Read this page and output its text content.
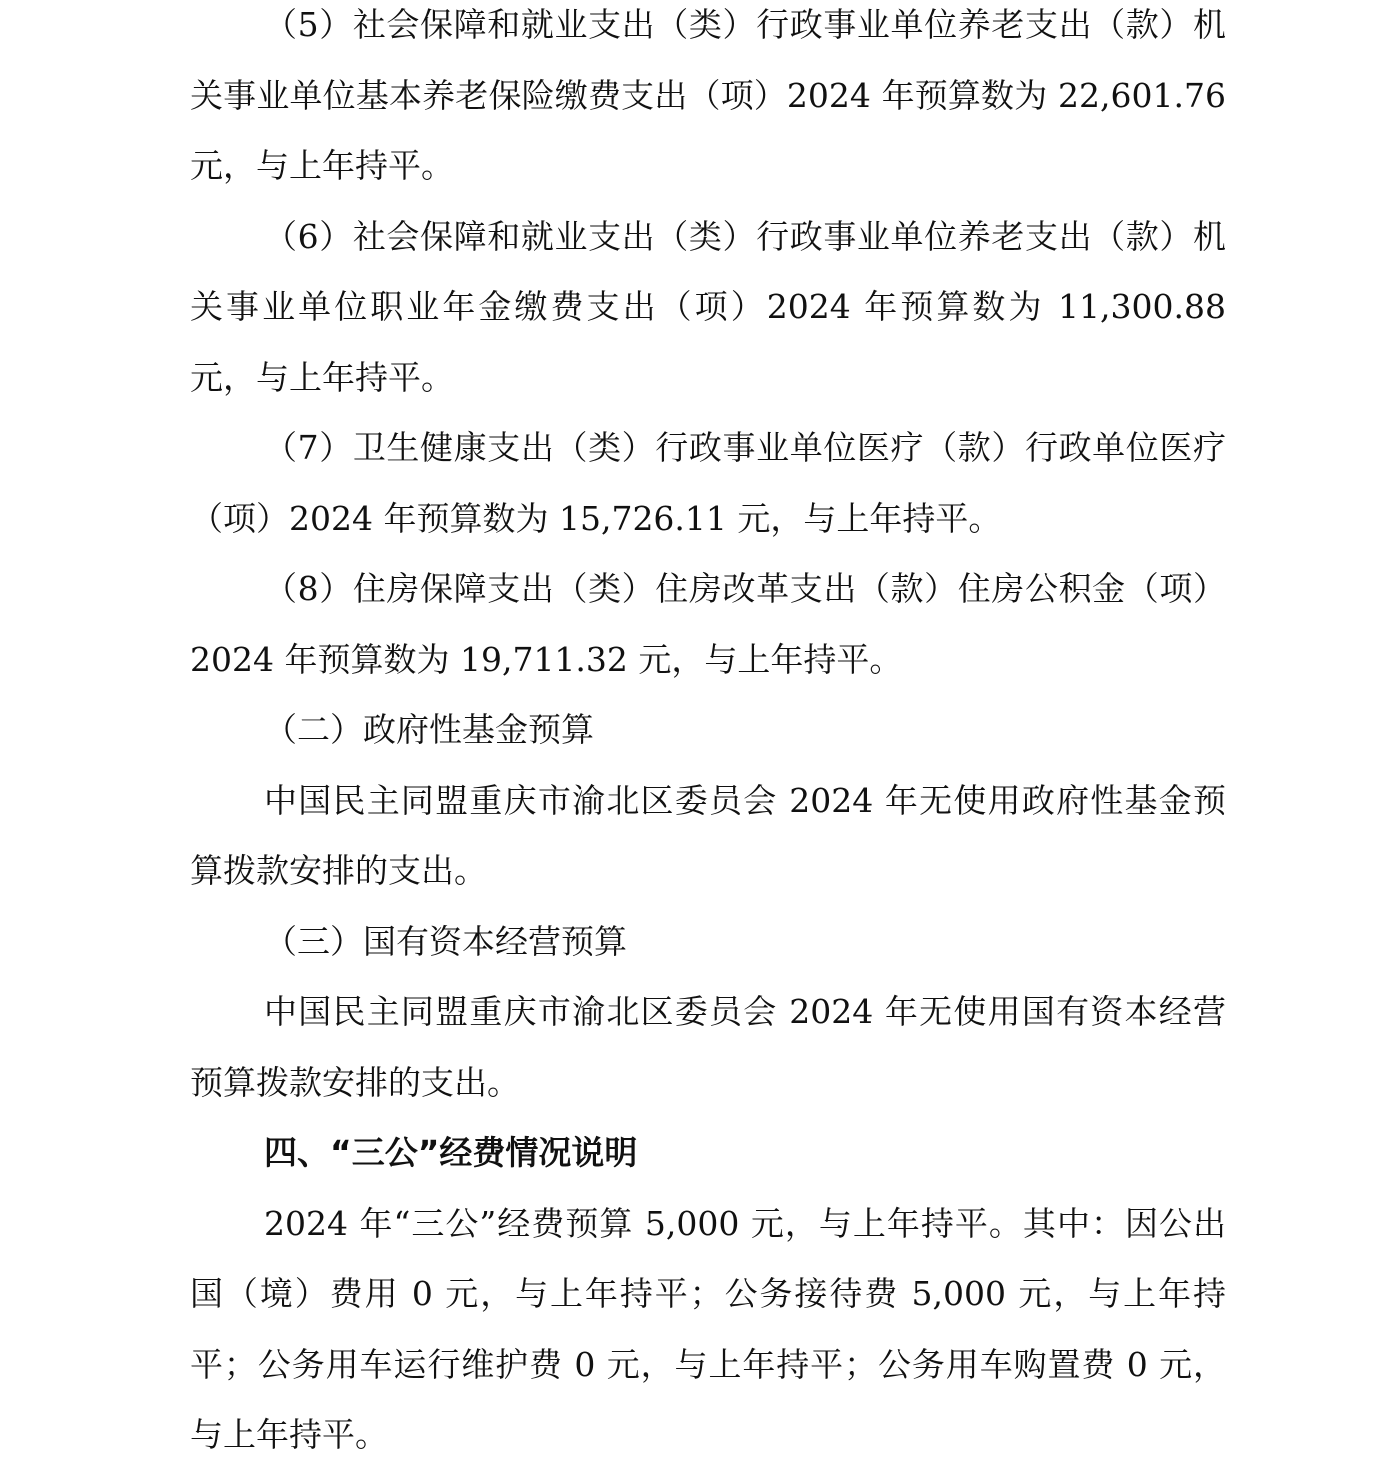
（5）社会保障和就业支出（类）行政事业单位养老支出（款）机关事业单位基本养老保险缴费支出（项）2024 年预算数为 22,601.76 元，与上年持平。

（6）社会保障和就业支出（类）行政事业单位养老支出（款）机关事业单位职业年金缴费支出（项）2024 年预算数为 11,300.88 元，与上年持平。

（7）卫生健康支出（类）行政事业单位医疗（款）行政单位医疗（项）2024 年预算数为 15,726.11 元，与上年持平。

（8）住房保障支出（类）住房改革支出（款）住房公积金（项）2024 年预算数为 19,711.32 元，与上年持平。

（二）政府性基金预算

中国民主同盟重庆市渝北区委员会 2024 年无使用政府性基金预算拨款安排的支出。

（三）国有资本经营预算

中国民主同盟重庆市渝北区委员会 2024 年无使用国有资本经营预算拨款安排的支出。

四、“三公”经费情况说明

2024 年“三公”经费预算 5,000 元，与上年持平。其中：因公出国（境）费用 0 元，与上年持平；公务接待费 5,000 元，与上年持平；公务用车运行维护费 0 元，与上年持平；公务用车购置费 0 元，与上年持平。
